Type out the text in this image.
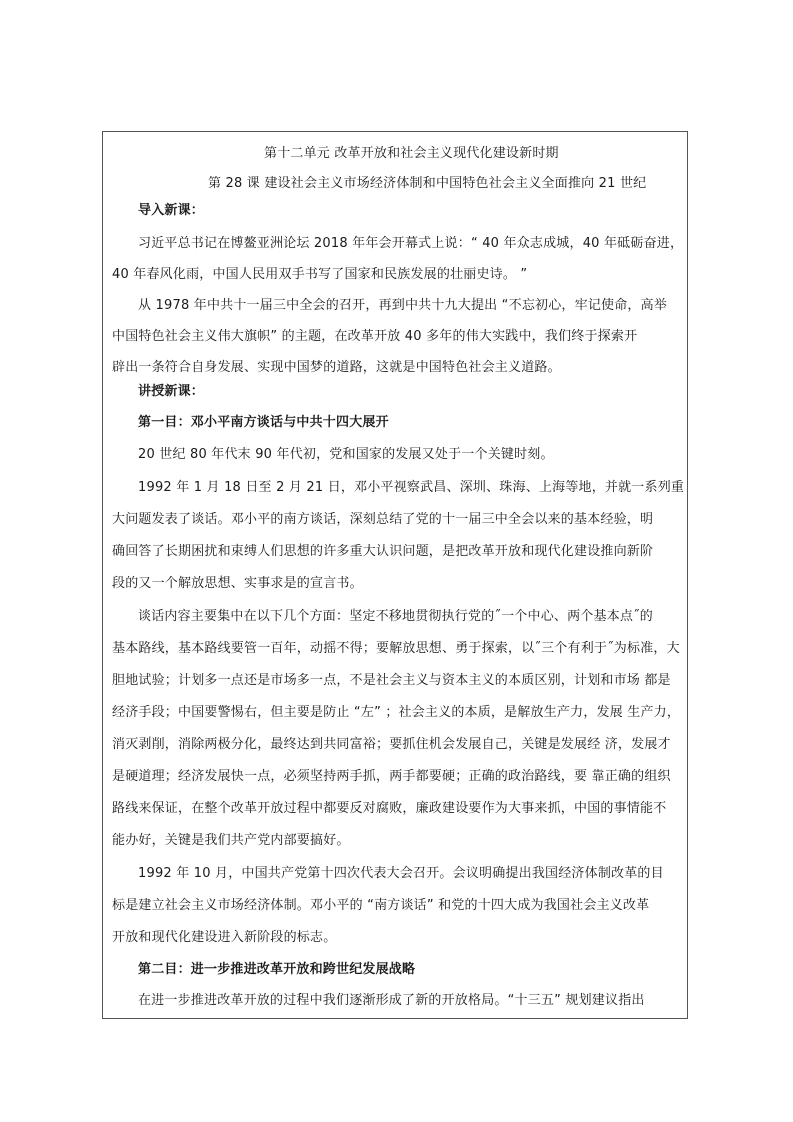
第十二单元 改革开放和社会主义现代化建设新时期
第 28 课 建设社会主义市场经济体制和中国特色社会主义全面推向 21 世纪
导入新课：
习近平总书记在博鳌亚洲论坛 2018 年年会开幕式上说：“ 40 年众志成城，40 年砥砺奋进，
40 年春风化雨，中国人民用双手书写了国家和民族发展的壮丽史诗。 ”
从 1978 年中共十一届三中全会的召开，再到中共十九大提出 “不忘初心，牢记使命，高举
中国特色社会主义伟大旗帜” 的主题，在改革开放 40 多年的伟大实践中，我们终于探索开
辟出一条符合自身发展、实现中国梦的道路，这就是中国特色社会主义道路。
讲授新课：
第一目：邓小平南方谈话与中共十四大展开
20 世纪 80 年代末 90 年代初，党和国家的发展又处于一个关键时刻。
1992 年 1 月 18 日至 2 月 21 日，邓小平视察武昌、深圳、珠海、上海等地，并就一系列重
大问题发表了谈话。邓小平的南方谈话，深刻总结了党的十一届三中全会以来的基本经验，明
确回答了长期困扰和束缚人们思想的许多重大认识问题，是把改革开放和现代化建设推向新阶
段的又一个解放思想、实事求是的宣言书。
谈话内容主要集中在以下几个方面：坚定不移地贯彻执行党的˝一个中心、两个基本点˝的
基本路线，基本路线要管一百年，动摇不得；要解放思想、勇于探索，以˝三个有利于˝为标准，大
胆地试验；计划多一点还是市场多一点，不是社会主义与资本主义的本质区别，计划和市场 都是
经济手段；中国要警惕右，但主要是防止 “左” ；社会主义的本质，是解放生产力，发展 生产力，
消灭剥削，消除两极分化，最终达到共同富裕；要抓住机会发展自己，关键是发展经 济，发展才
是硬道理；经济发展快一点，必须坚持两手抓，两手都要硬；正确的政治路线，要 靠正确的组织
路线来保证，在整个改革开放过程中都要反对腐败，廉政建设要作为大事来抓，中国的事情能不
能办好，关键是我们共产党内部要搞好。
1992 年 10 月，中国共产党第十四次代表大会召开。会议明确提出我国经济体制改革的目
标是建立社会主义市场经济体制。邓小平的 “南方谈话” 和党的十四大成为我国社会主义改革
开放和现代化建设进入新阶段的标志。
第二目：进一步推进改革开放和跨世纪发展战略
在进一步推进改革开放的过程中我们逐渐形成了新的开放格局。“十三五” 规划建议指出
